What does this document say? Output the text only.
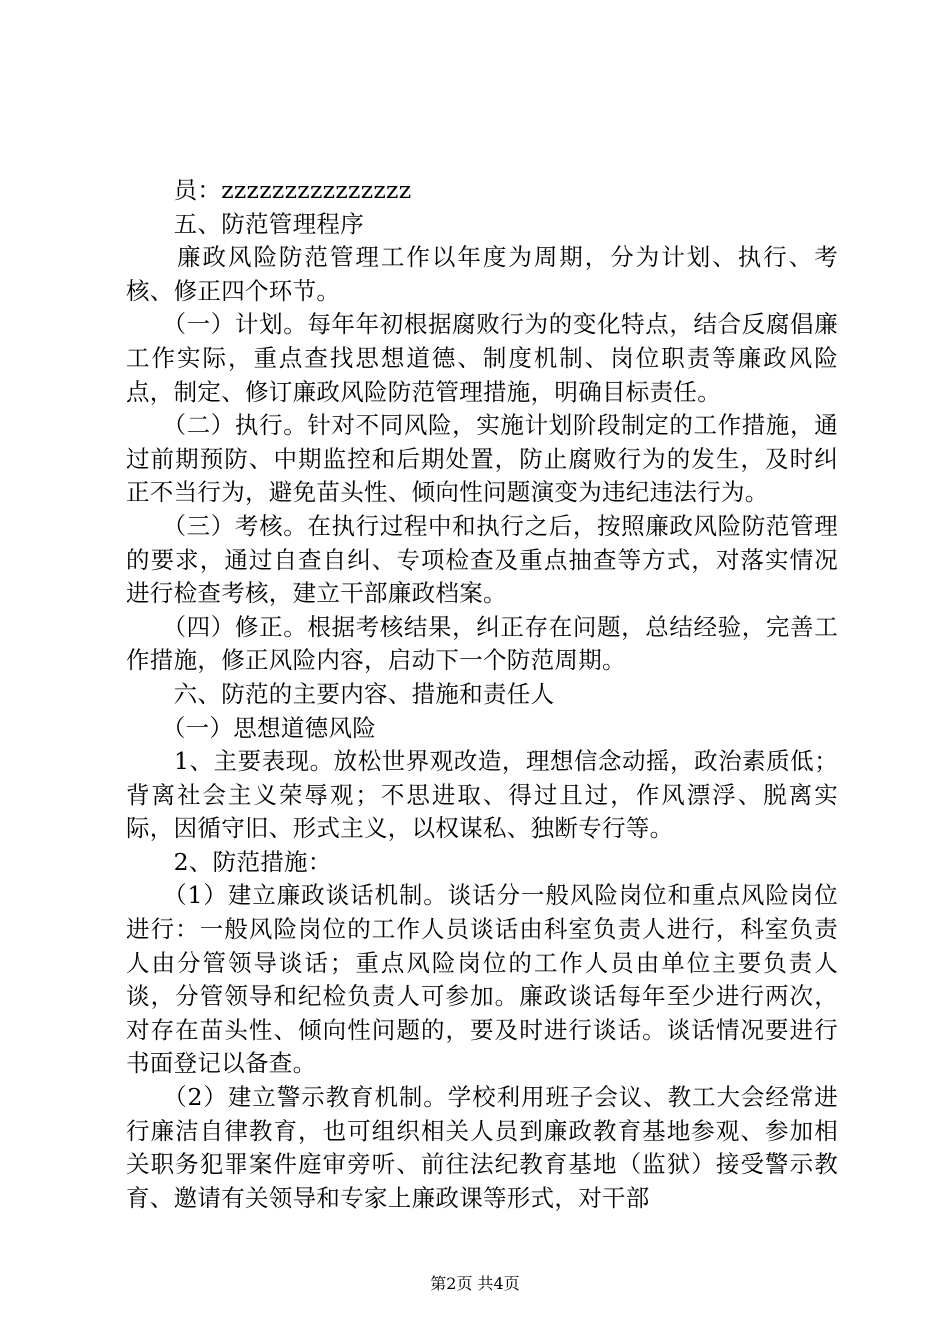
　　员：zzzzzzzzzzzzzzz

　　五、防范管理程序

　　廉政风险防范管理工作以年度为周期，分为计划、执行、考核、修正四个环节。

　　（一）计划。每年年初根据腐败行为的变化特点，结合反腐倡廉工作实际，重点查找思想道德、制度机制、岗位职责等廉政风险点，制定、修订廉政风险防范管理措施，明确目标责任。

　　（二）执行。针对不同风险，实施计划阶段制定的工作措施，通过前期预防、中期监控和后期处置，防止腐败行为的发生，及时纠正不当行为，避免苗头性、倾向性问题演变为违纪违法行为。

　　（三）考核。在执行过程中和执行之后，按照廉政风险防范管理的要求，通过自查自纠、专项检查及重点抽查等方式，对落实情况进行检查考核，建立干部廉政档案。

　　（四）修正。根据考核结果，纠正存在问题，总结经验，完善工作措施，修正风险内容，启动下一个防范周期。

　　六、防范的主要内容、措施和责任人

　　（一）思想道德风险

　　1、主要表现。放松世界观改造，理想信念动摇，政治素质低；背离社会主义荣辱观；不思进取、得过且过，作风漂浮、脱离实际，因循守旧、形式主义，以权谋私、独断专行等。

　　2、防范措施：

　　（1）建立廉政谈话机制。谈话分一般风险岗位和重点风险岗位进行：一般风险岗位的工作人员谈话由科室负责人进行，科室负责人由分管领导谈话；重点风险岗位的工作人员由单位主要负责人谈，分管领导和纪检负责人可参加。廉政谈话每年至少进行两次，对存在苗头性、倾向性问题的，要及时进行谈话。谈话情况要进行书面登记以备查。

　　（2）建立警示教育机制。学校利用班子会议、教工大会经常进行廉洁自律教育，也可组织相关人员到廉政教育基地参观、参加相关职务犯罪案件庭审旁听、前往法纪教育基地（监狱）接受警示教育、邀请有关领导和专家上廉政课等形式，对干部

第2页 共4页
